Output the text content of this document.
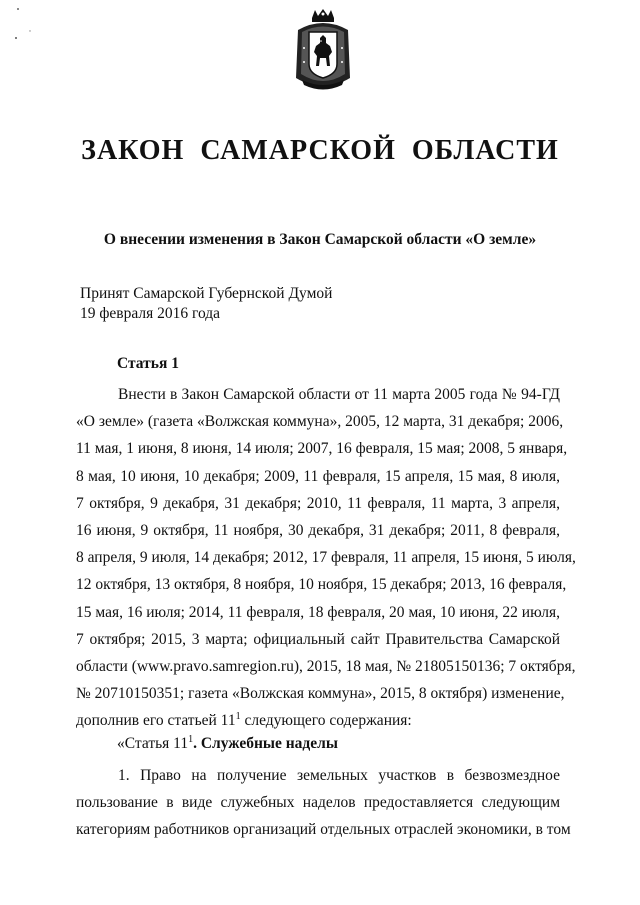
ЗАКОН САМАРСКОЙ ОБЛАСТИ
О внесении изменения в Закон Самарской области «О земле»
Принят Самарской Губернской Думой
19 февраля 2016 года
Статья 1
Внести в Закон Самарской области от 11 марта 2005 года № 94-ГД
«О земле» (газета «Волжская коммуна», 2005, 12 марта, 31 декабря; 2006,
11 мая, 1 июня, 8 июня, 14 июля; 2007, 16 февраля, 15 мая; 2008, 5 января,
8 мая, 10 июня, 10 декабря; 2009, 11 февраля, 15 апреля, 15 мая, 8 июля,
7 октября, 9 декабря, 31 декабря; 2010, 11 февраля, 11 марта, 3 апреля,
16 июня, 9 октября, 11 ноября, 30 декабря, 31 декабря; 2011, 8 февраля,
8 апреля, 9 июля, 14 декабря; 2012, 17 февраля, 11 апреля, 15 июня, 5 июля,
12 октября, 13 октября, 8 ноября, 10 ноября, 15 декабря; 2013, 16 февраля,
15 мая, 16 июля; 2014, 11 февраля, 18 февраля, 20 мая, 10 июня, 22 июля,
7 октября; 2015, 3 марта; официальный сайт Правительства Самарской
области (www.pravo.samregion.ru), 2015, 18 мая, № 21805150136; 7 октября,
№ 20710150351; газета «Волжская коммуна», 2015, 8 октября) изменение,
дополнив его статьей $11^1$ следующего содержания:
«Статья $11^1$. Служебные наделы
1. Право на получение земельных участков в безвозмездное
пользование в виде служебных наделов предоставляется следующим
категориям работников организаций отдельных отраслей экономики, в том
